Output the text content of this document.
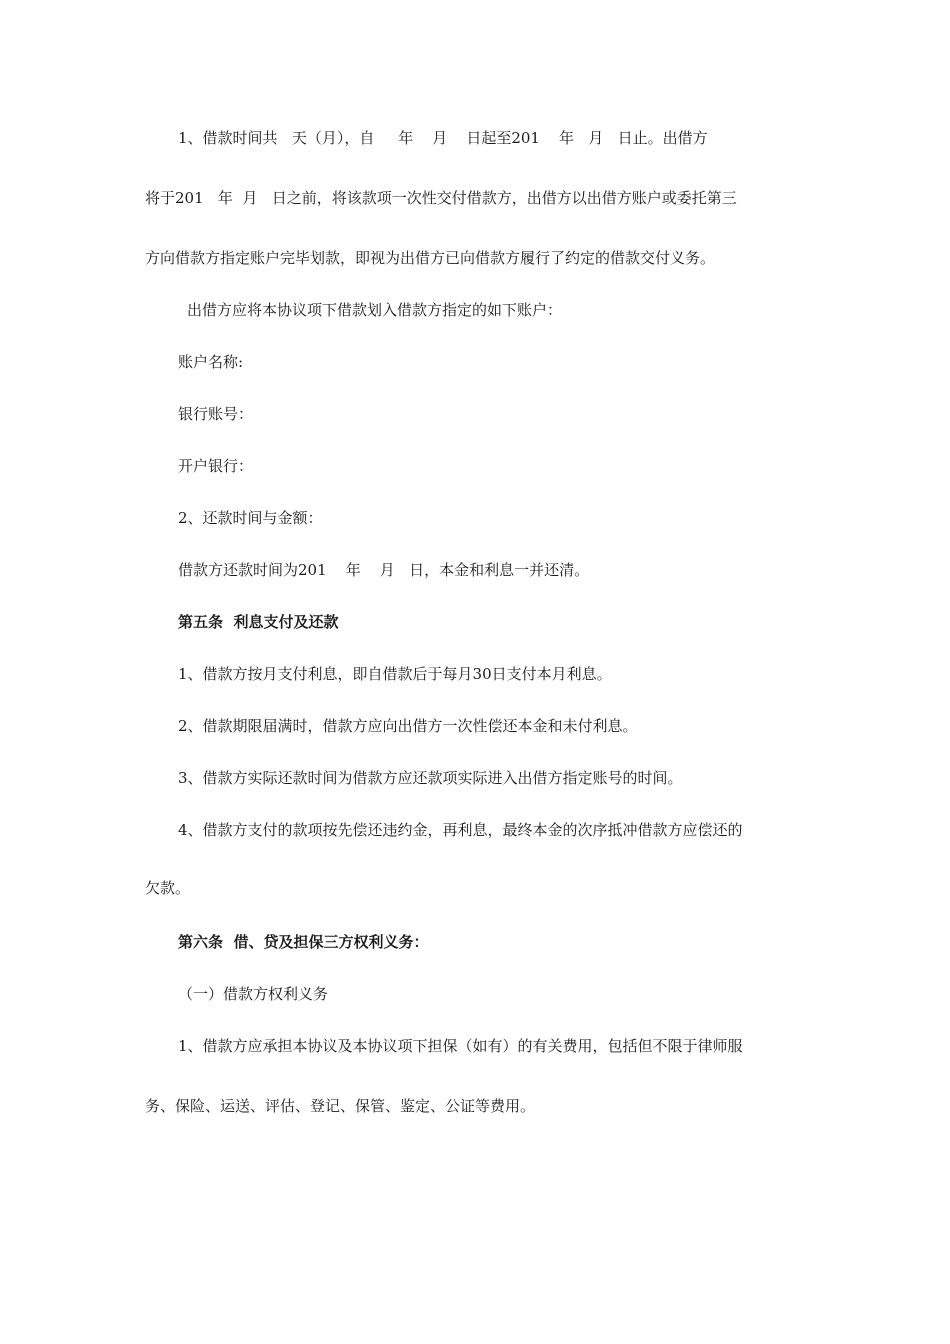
1、借款时间共   天（月），自     年    月    日起至201    年   月   日止。出借方
将于201   年  月   日之前，将该款项一次性交付借款方，出借方以出借方账户或委托第三
方向借款方指定账户完毕划款，即视为出借方已向借款方履行了约定的借款交付义务。
出借方应将本协议项下借款划入借款方指定的如下账户：
账户名称:
银行账号：
开户银行：
2、还款时间与金额：
借款方还款时间为201    年    月   日，本金和利息一并还清。
第五条  利息支付及还款
1、借款方按月支付利息，即自借款后于每月30日支付本月利息。
2、借款期限届满时，借款方应向出借方一次性偿还本金和未付利息。
3、借款方实际还款时间为借款方应还款项实际进入出借方指定账号的时间。
4、借款方支付的款项按先偿还违约金，再利息，最终本金的次序抵冲借款方应偿还的
欠款。
第六条  借、贷及担保三方权利义务：
（一）借款方权利义务
1、借款方应承担本协议及本协议项下担保（如有）的有关费用，包括但不限于律师服
务、保险、运送、评估、登记、保管、鉴定、公证等费用。
